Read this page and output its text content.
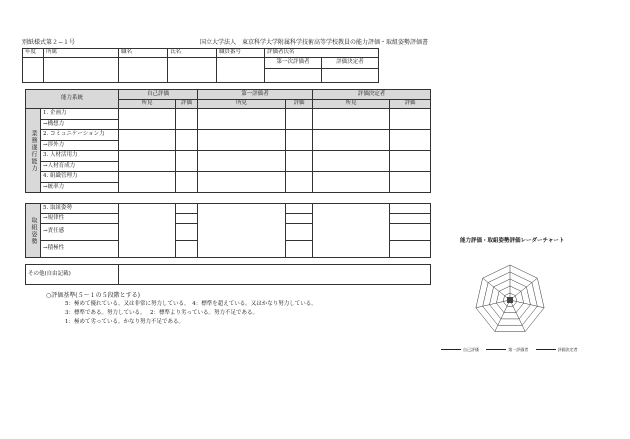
別紙様式第２−１号	国立大学法人　東京科学大学附属科学技術高等学校教員の能力評価・取組姿勢評価書
年度	所属	職名	氏名	職員番号	評価者氏名	
					第一次評価者	評価決定者

能力系統		自己評価		第一評価者		評価決定者	
		所見	評価	所見	評価	所見	評価
業務遂行能力	1. 企画力						
	→構想力						
	2. コミュニケーション力						
	→渉外力						
	3. 人材活用力						
	→人材育成力						
	4. 組織管理力						
	→統率力						
取組姿勢	5. 取組姿勢						
	→規律性						
	→責任感						
	→積極性						
その他(自由記載)	
○評価基準(５〜１の５段階とする)
5：極めて優れている。又は非常に努力している。　4：標準を超えている。又はかなり努力している。
3：標準である。努力している。　 2：標準より劣っている。努力不足である。
1：極めて劣っている。かなり努力不足である。
能力評価・取組姿勢評価レーダーチャート
自己評価
	第一評価者
	評価決定者
